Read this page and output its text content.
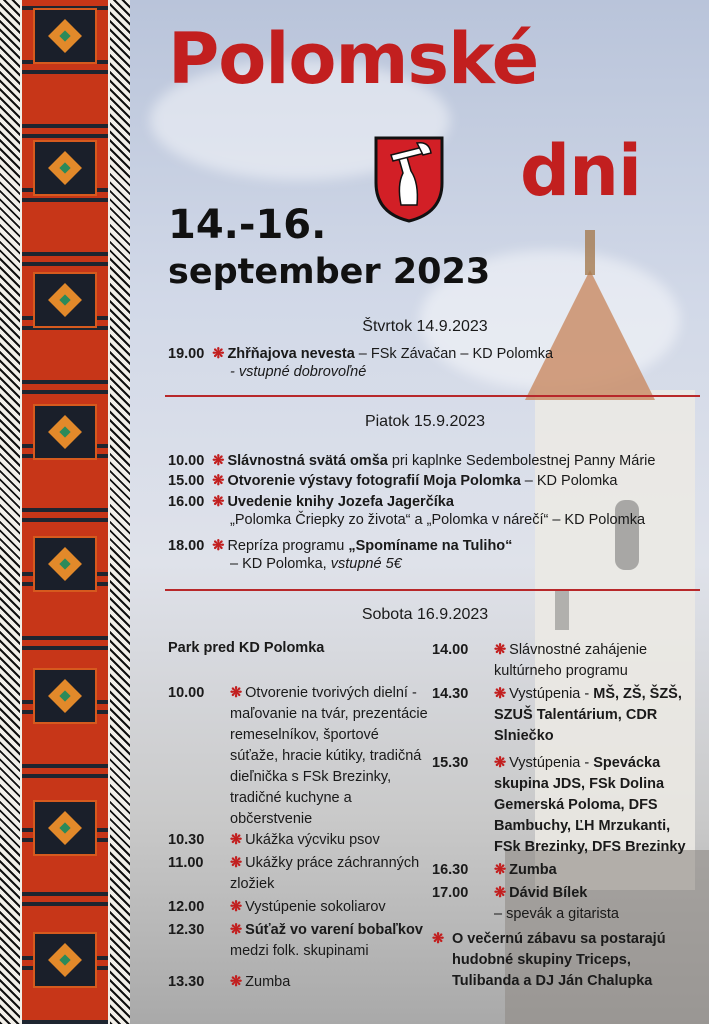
Polomské
dni
14.-16.
september 2023
Štvrtok 14.9.2023
19.00 ❋ Zhřňajova nevesta – FSk Závačan – KD Polomka
- vstupné dobrovoľné
Piatok 15.9.2023
10.00 ❋ Slávnostná svätá omša pri kaplnke Sedembolestnej Panny Márie
15.00 ❋ Otvorenie výstavy fotografií Moja Polomka – KD Polomka
16.00 ❋ Uvedenie knihy Jozefa Jagerčíka
„Polomka Čriepky zo života“ a „Polomka v nárečí“ – KD Polomka
18.00 ❋ Repríza programu „Spomíname na Tuliho“
– KD Polomka, vstupné 5€
Sobota 16.9.2023
Park pred KD Polomka
10.00 ❋ Otvorenie tvorivých dielní - maľovanie na tvár, prezentácie remeselníkov, športové súťaže, hracie kútiky, tradičná dieľnička s FSk Brezinky, tradičné kuchyne a občerstvenie
10.30 ❋ Ukážka výcviku psov
11.00 ❋ Ukážky práce záchranných zložiek
12.00 ❋ Vystúpenie sokoliarov
12.30 ❋ Súťaž vo varení bobaľkov medzi folk. skupinami
13.30 ❋ Zumba
14.00 ❋ Slávnostné zahájenie kultúrneho programu
14.30 ❋ Vystúpenia - MŠ, ZŠ, ŠZŠ, SZUŠ Talentárium, CDR Slniečko
15.30 ❋ Vystúpenia - Spevácka skupina JDS, FSk Dolina Gemerská Poloma, DFS Bambuchy, ĽH Mrzukanti, FSk Brezinky, DFS Brezinky
16.30 ❋ Zumba
17.00 ❋ Dávid Bílek
– spevák a gitarista
❋ O večernú zábavu sa postarajú hudobné skupiny Triceps, Tulibanda a DJ Ján Chalupka
